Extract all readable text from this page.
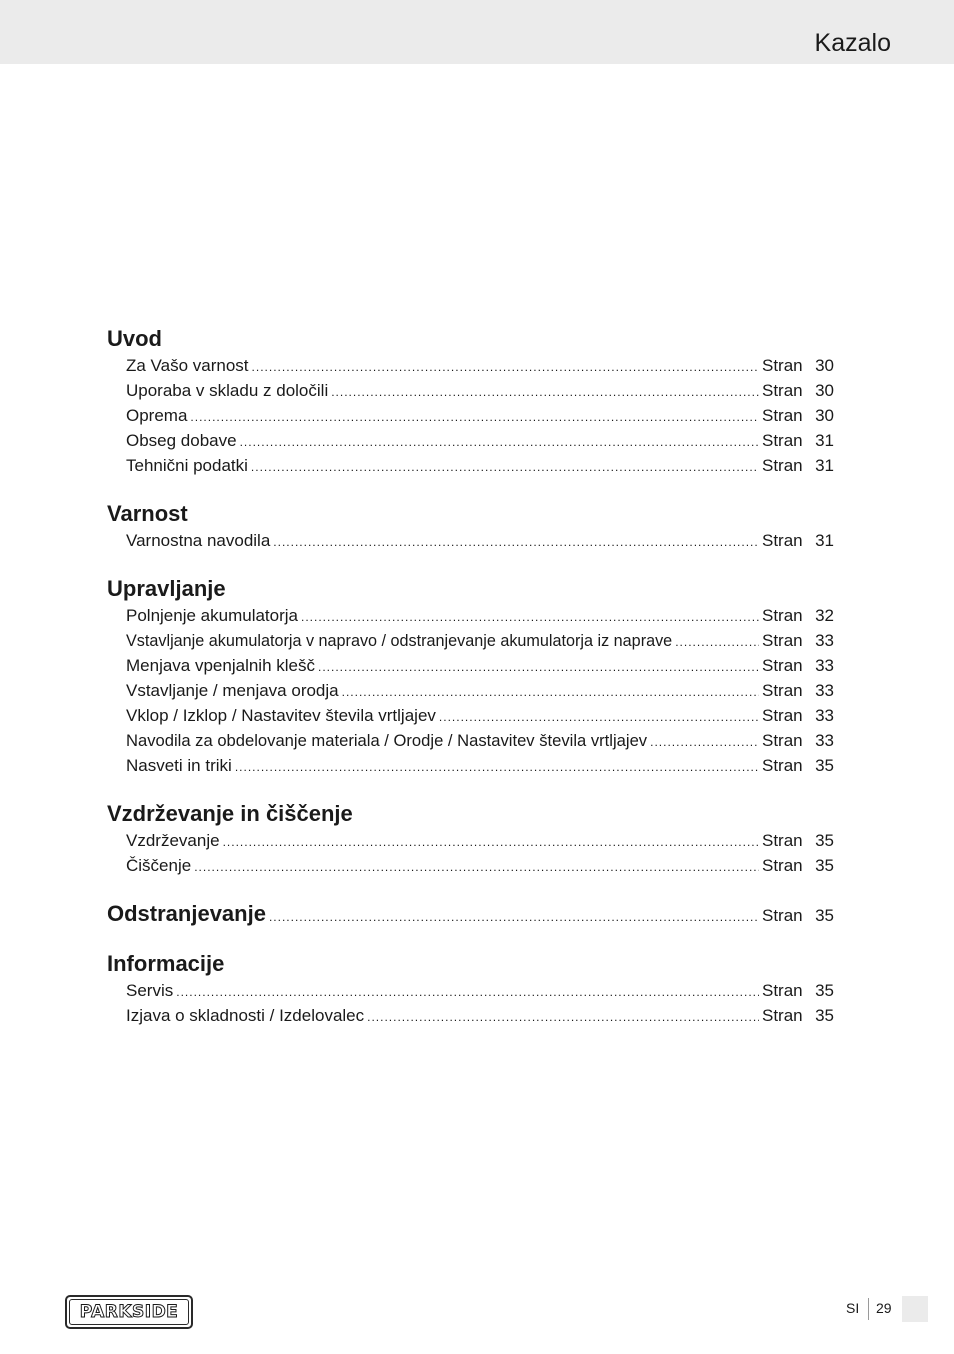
Kazalo
Uvod
Za Vašo varnost .....	Stran 30
Uporaba v skladu z določili .....	Stran 30
Oprema .....	Stran 30
Obseg dobave .....	Stran 31
Tehnični podatki .....	Stran 31
Varnost
Varnostna navodila .....	Stran 31
Upravljanje
Polnjenje akumulatorja .....	Stran 32
Vstavljanje akumulatorja v napravo / odstranjevanje akumulatorja iz naprave .....	Stran 33
Menjava vpenjalnih klešč .....	Stran 33
Vstavljanje / menjava orodja .....	Stran 33
Vklop / Izklop / Nastavitev števila vrtljajev .....	Stran 33
Navodila za obdelovanje materiala / Orodje / Nastavitev števila vrtljajev .....	Stran 33
Nasveti in triki .....	Stran 35
Vzdrževanje in čiščenje
Vzdrževanje .....	Stran 35
Čiščenje .....	Stran 35
Odstranjevanje .....	Stran 35
Informacije
Servis .....	Stran 35
Izjava o skladnosti / Izdelovalec .....	Stran 35
PARKSIDE	SI 29
